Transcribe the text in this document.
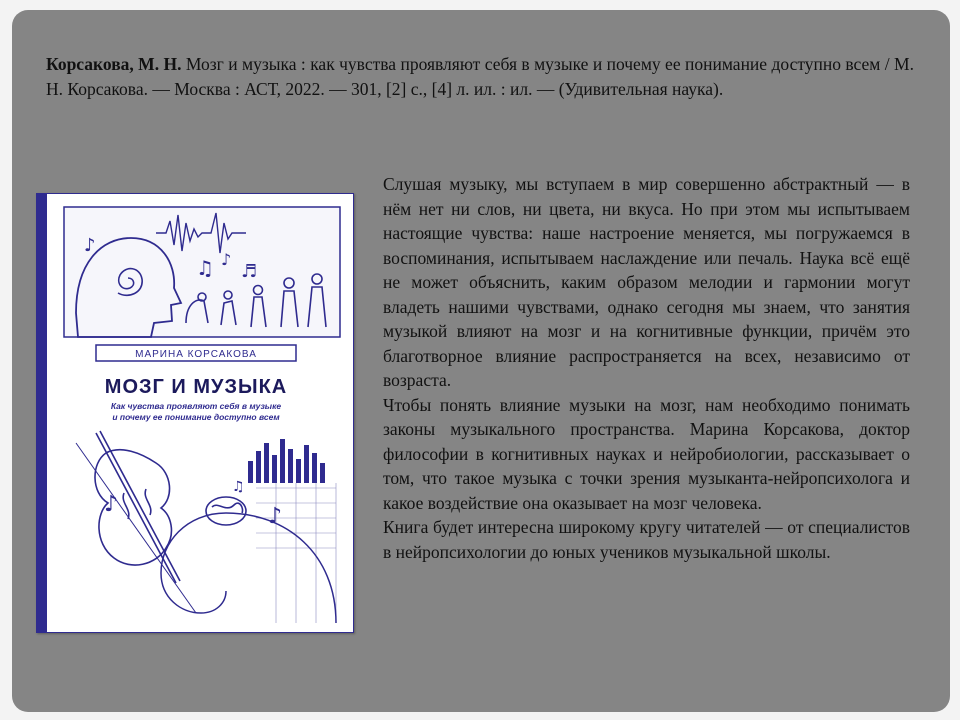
Корсакова, М. Н. Мозг и музыка : как чувства проявляют себя в музыке и почему ее понимание доступно всем / М. Н. Корсакова. — Москва : АСТ, 2022. — 301, [2] с., [4] л. ил. : ил. — (Удивительная наука).
♫ ♪
♬
♪
МАРИНА КОРСАКОВА
МОЗГ И МУЗЫКА
Как чувства проявляют себя в музыке
и почему ее понимание доступно всем
♪	♪
♫

Слушая музыку, мы вступаем в мир совершенно абстрактный — в нём нет ни слов, ни цвета, ни вкуса. Но при этом мы испытываем настоящие чувства: наше настроение меняется, мы погружаемся в воспоминания, испытываем наслаждение или печаль. Наука всё ещё не может объяснить, каким образом мелодии и гармонии могут владеть нашими чувствами, однако сегодня мы знаем, что занятия музыкой влияют на мозг и на когнитивные функции, причём это благотворное влияние распространяется на всех, независимо от возраста.

Чтобы понять влияние музыки на мозг, нам необходимо понимать законы музыкального пространства. Марина Корсакова, доктор философии в когнитивных науках и нейробиологии, рассказывает о том, что такое музыка с точки зрения музыканта-нейропсихолога и какое воздействие она оказывает на мозг человека.

Книга будет интересна широкому кругу читателей — от специалистов в нейропсихологии до юных учеников музыкальной школы.
